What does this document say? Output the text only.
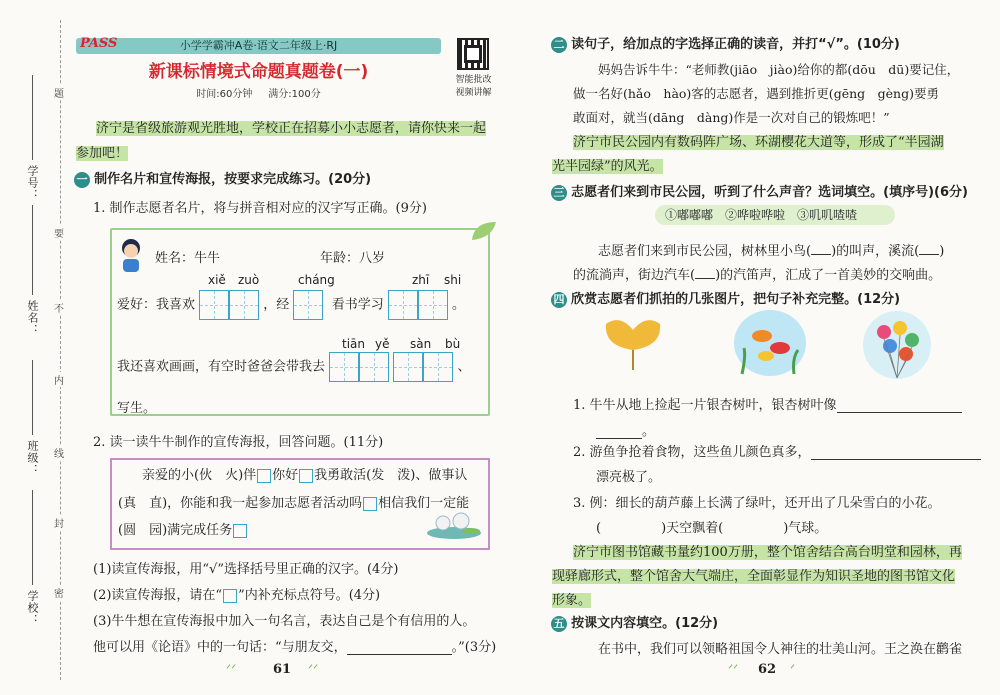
学号：
姓名：
班级：
学校：
题
要
不
内
线
封
密
小学学霸冲A卷·语文二年级上·RJ
PASS
新课标情境式命题真题卷(一)
时间:60分钟 满分:100分
智能批改
视频讲解
济宁是省级旅游观光胜地，学校正在招募小小志愿者，请你快来一起
参加吧！
一 制作名片和宣传海报，按要求完成练习。(20分)
1. 制作志愿者名片，将与拼音相对应的汉字写正确。(9分)
姓名：牛牛	年龄：八岁
xiě zuò	cháng	zhī shi
爱好：我喜欢	，经	看书学习	。
tiān yě sàn bù
我还喜欢画画，有空时爸爸会带我去	、
写生。
2. 读一读牛牛制作的宣传海报，回答问题。(11分)
亲爱的小(伙　火)伴 你好 我勇敢活(发　泼)、做事认
(真　直)，你能和我一起参加志愿者活动吗 相信我们一定能
(圆　园)满完成任务
(1)读宣传海报，用“√”选择括号里正确的汉字。(4分)
(2)读宣传海报，请在“ ”内补充标点符号。(4分)
(3)牛牛想在宣传海报中加入一句名言，表达自己是个有信用的人。
他可以用《论语》中的一句话：“与朋友交，	。”(3分)
ᐟᐟ	61 ᐟᐟ
二 读句子，给加点的字选择正确的读音，并打“√”。(10分)
妈妈告诉牛牛：“老师教(jiāo　jiào)给你的都(dōu　dū)要记住，
做一名好(hǎo　hào)客的志愿者，遇到推折更(gēng　gèng)要勇
敢面对，就当(dāng　dàng)作是一次对自己的锻炼吧！”
济宁市民公园内有数码阵广场、环湖樱花大道等，形成了“半园湖
光半园绿”的风光。
三 志愿者们来到市民公园，听到了什么声音？选词填空。(填序号)(6分)
①嘟嘟嘟　②哗啦哗啦　③叽叽喳喳
志愿者们来到市民公园，树林里小鸟( )的叫声，溪流( )
的流淌声，街边汽车( )的汽笛声，汇成了一首美妙的交响曲。
四 欣赏志愿者们抓拍的几张图片，把句子补充完整。(12分)
1. 牛牛从地上捡起一片银杏树叶，银杏树叶像
。
2. 游鱼争抢着食物，这些鱼儿颜色真多，
漂亮极了。
3. 例：细长的葫芦藤上长满了绿叶，还开出了几朵雪白的小花。
(	)天空飘着(	)气球。
济宁市图书馆藏书量约100万册，整个馆舍结合高台明堂和园林，再
现驿廊形式，整个馆舍大气端庄，全面彰显作为知识圣地的图书馆文化
形象。
五 按课文内容填空。(12分)
在书中，我们可以领略祖国令人神往的壮美山河。王之涣在鹳雀
ᐟᐟ 62 ᐟ
